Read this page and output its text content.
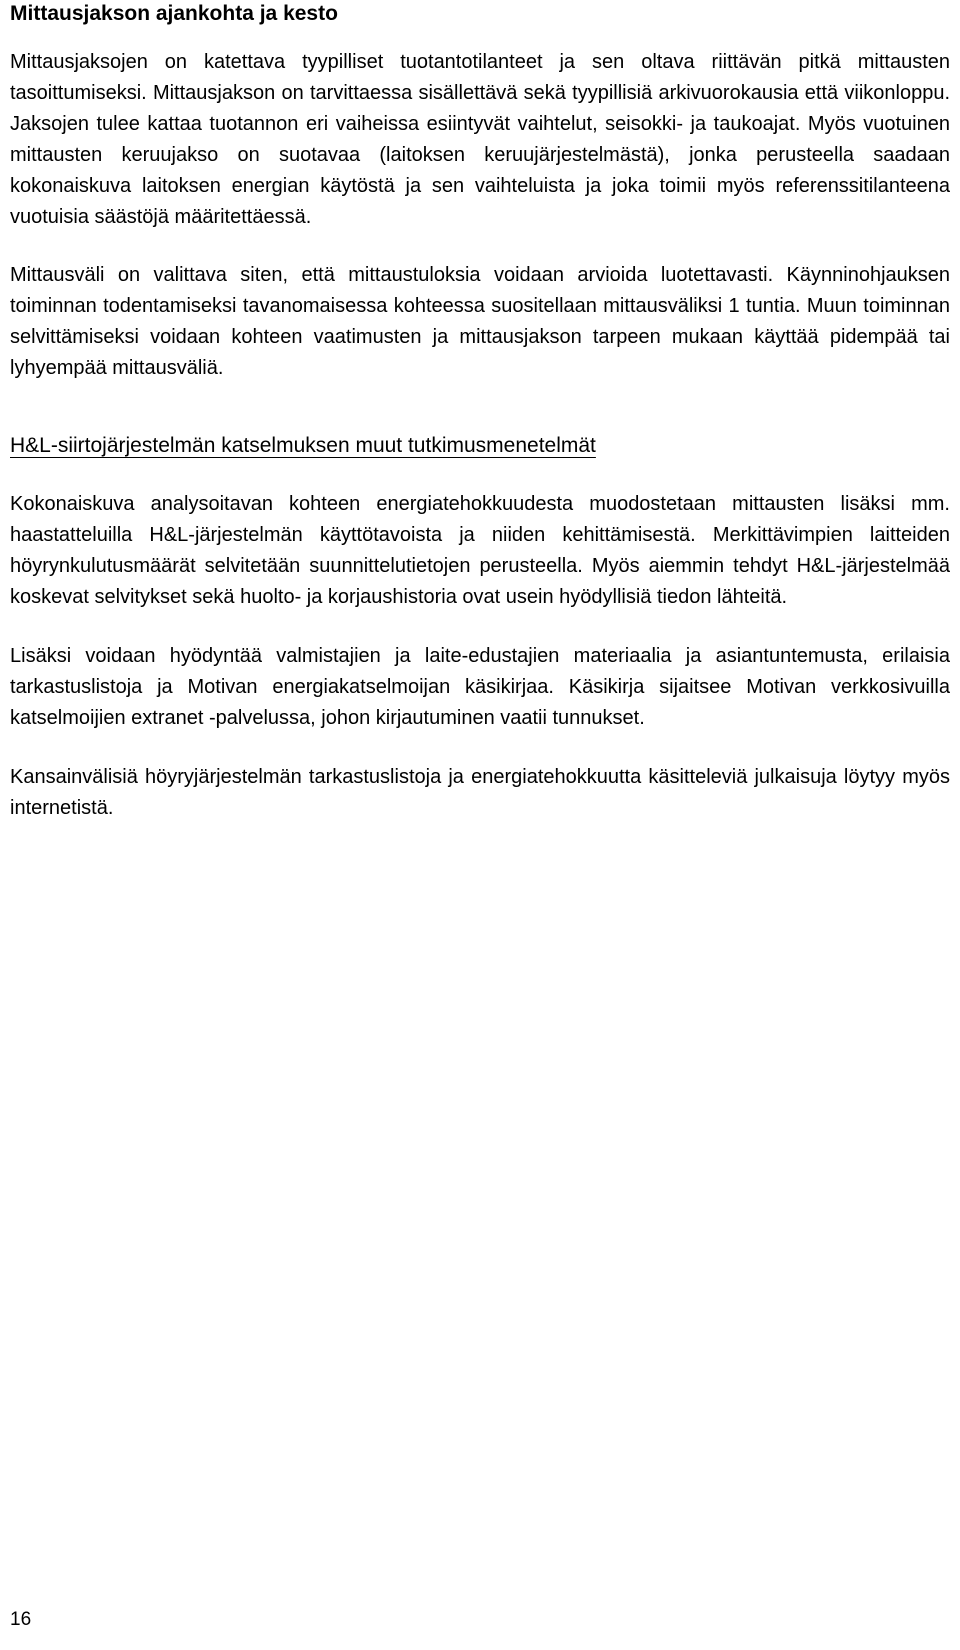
Mittausjakson ajankohta ja kesto

Mittausjaksojen on katettava tyypilliset tuotantotilanteet ja sen oltava riittävän pitkä mittausten tasoittumiseksi. Mittausjakson on tarvittaessa sisällettävä sekä tyypillisiä arkivuorokausia että viikonloppu. Jaksojen tulee kattaa tuotannon eri vaiheissa esiintyvät vaihtelut, seisokki- ja taukoajat. Myös vuotuinen mittausten keruujakso on suotavaa (laitoksen keruujärjestelmästä), jonka perusteella saadaan kokonaiskuva laitoksen energian käytöstä ja sen vaihteluista ja joka toimii myös referenssitilanteena vuotuisia säästöjä määritettäessä.

Mittausväli on valittava siten, että mittaustuloksia voidaan arvioida luotettavasti. Käynninohjauksen toiminnan todentamiseksi tavanomaisessa kohteessa suositellaan mittausväliksi 1 tuntia. Muun toiminnan selvittämiseksi voidaan kohteen vaatimusten ja mittausjakson tarpeen mukaan käyttää pidempää tai lyhyempää mittausväliä.

H&L-siirtojärjestelmän katselmuksen muut tutkimusmenetelmät

Kokonaiskuva analysoitavan kohteen energiatehokkuudesta muodostetaan mittausten lisäksi mm. haastatteluilla H&L-järjestelmän käyttötavoista ja niiden kehittämisestä. Merkittävimpien laitteiden höyrynkulutusmäärät selvitetään suunnittelutietojen perusteella. Myös aiemmin tehdyt H&L-järjestelmää koskevat selvitykset sekä huolto- ja korjaushistoria ovat usein hyödyllisiä tiedon lähteitä.

Lisäksi voidaan hyödyntää valmistajien ja laite-edustajien materiaalia ja asiantuntemusta, erilaisia tarkastuslistoja ja Motivan energiakatselmoijan käsikirjaa. Käsikirja sijaitsee Motivan verkkosivuilla katselmoijien extranet -palvelussa, johon kirjautuminen vaatii tunnukset.

Kansainvälisiä höyryjärjestelmän tarkastuslistoja ja energiatehokkuutta käsitteleviä julkaisuja löytyy myös internetistä.

16
